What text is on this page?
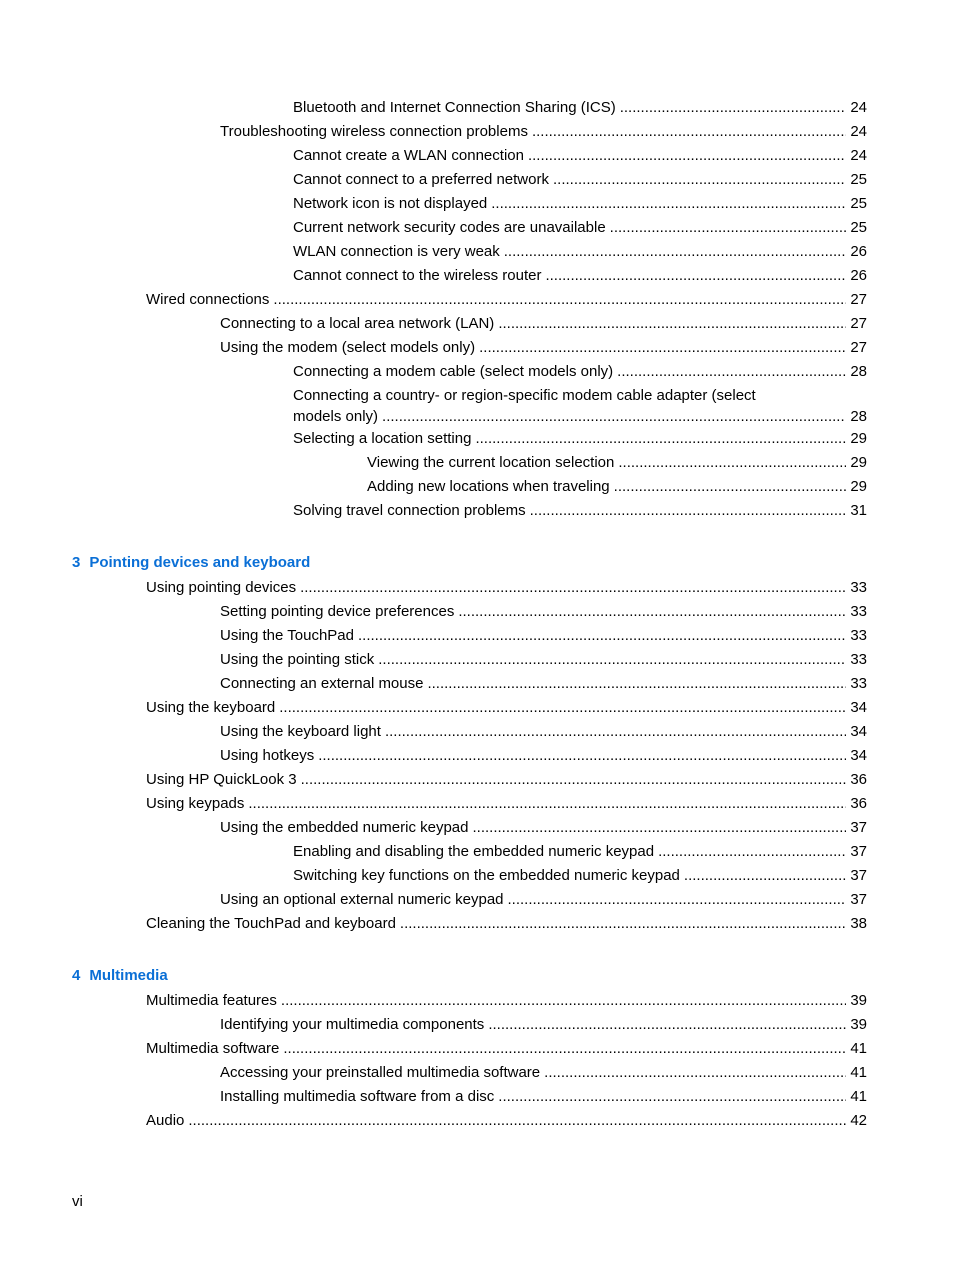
Bluetooth and Internet Connection Sharing (ICS) .....	24
Troubleshooting wireless connection problems .....	24
Cannot create a WLAN connection .....	24
Cannot connect to a preferred network .....	25
Network icon is not displayed .....	25
Current network security codes are unavailable .....	25
WLAN connection is very weak .....	26
Cannot connect to the wireless router .....	26
Wired connections .....	27
Connecting to a local area network (LAN) .....	27
Using the modem (select models only) .....	27
Connecting a modem cable (select models only) .....	28
Connecting a country- or region-specific modem cable adapter (select
models only) .....	28
Selecting a location setting .....	29
Viewing the current location selection .....	29
Adding new locations when traveling .....	29
Solving travel connection problems .....	31
3 Pointing devices and keyboard
Using pointing devices .....	33
Setting pointing device preferences .....	33
Using the TouchPad .....	33
Using the pointing stick .....	33
Connecting an external mouse .....	33
Using the keyboard .....	34
Using the keyboard light .....	34
Using hotkeys .....	34
Using HP QuickLook 3 .....	36
Using keypads .....	36
Using the embedded numeric keypad .....	37
Enabling and disabling the embedded numeric keypad .....	37
Switching key functions on the embedded numeric keypad .....	37
Using an optional external numeric keypad .....	37
Cleaning the TouchPad and keyboard .....	38
4 Multimedia
Multimedia features .....	39
Identifying your multimedia components .....	39
Multimedia software .....	41
Accessing your preinstalled multimedia software .....	41
Installing multimedia software from a disc .....	41
Audio .....	42
vi
